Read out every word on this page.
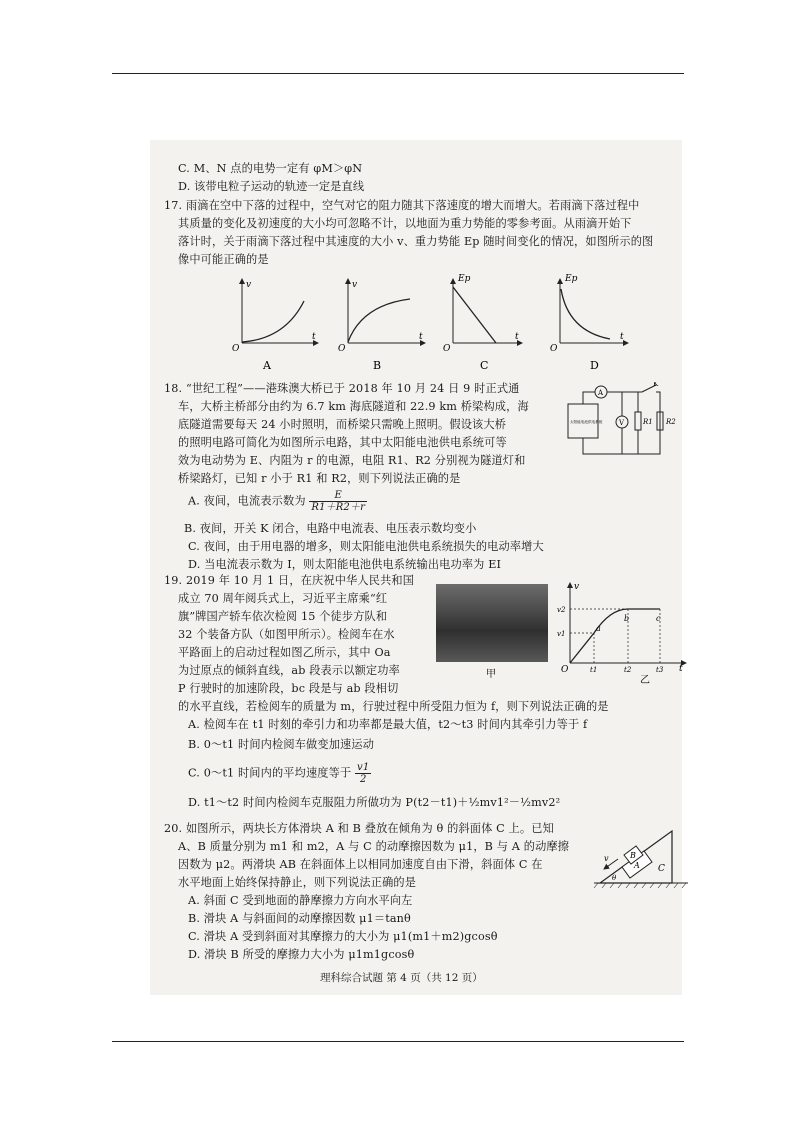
C. M、N 点的电势一定有 φM＞φN
D. 该带电粒子运动的轨迹一定是直线
17. 雨滴在空中下落的过程中，空气对它的阻力随其下落速度的增大而增大。若雨滴下落过程中
其质量的变化及初速度的大小均可忽略不计，以地面为重力势能的零参考面。从雨滴开始下
落计时，关于雨滴下落过程中其速度的大小 v、重力势能 Ep 随时间变化的情况，如图所示的图
像中可能正确的是
v
t
O
A
v
t
O
B
Ep
t
O
C
Ep
t
O
D
18. “世纪工程”——港珠澳大桥已于 2018 年 10 月 24 日 9 时正式通
车，大桥主桥部分由约为 6.7 km 海底隧道和 22.9 km 桥梁构成，海
底隧道需要每天 24 小时照明，而桥梁只需晚上照明。假设该大桥
的照明电路可简化为如图所示电路，其中太阳能电池供电系统可等
效为电动势为 E、内阻为 r 的电源，电阻 R1、R2 分别视为隧道灯和
桥梁路灯，已知 r 小于 R1 和 R2，则下列说法正确的是
A. 夜间，电流表示数为 $\frac{E}{R1+R2+r}$
B. 夜间，开关 K 闭合，电路中电流表、电压表示数均变小
C. 夜间，由于用电器的增多，则太阳能电池供电系统损失的电动率增大
D. 当电流表示数为 I，则太阳能电池供电系统输出电功率为 EI
太阳能电池供电系统
A
K
V	R1 R2
19. 2019 年 10 月 1 日，在庆祝中华人民共和国
成立 70 周年阅兵式上，习近平主席乘“红
旗”牌国产轿车依次检阅 15 个徒步方队和
32 个装备方队（如图甲所示）。检阅车在水
平路面上的启动过程如图乙所示，其中 Oa
为过原点的倾斜直线，ab 段表示以额定功率
P 行驶时的加速阶段，bc 段是与 ab 段相切
的水平直线，若检阅车的质量为 m，行驶过程中所受阻力恒为 f，则下列说法正确的是
A. 检阅车在 t1 时刻的牵引力和功率都是最大值，t2～t3 时间内其牵引力等于 f
B. 0～t1 时间内检阅车做变加速运动
C. 0～t1 时间内的平均速度等于 $\frac{v1}{2}$
D. t1～t2 时间内检阅车克服阻力所做功为 P(t2－t1)＋½mv1²－½mv2²
甲
v
t
O
v2
v1
a
b	c
t1	t2	t3
乙
20. 如图所示，两块长方体滑块 A 和 B 叠放在倾角为 θ 的斜面体 C 上。已知
A、B 质量分别为 m1 和 m2，A 与 C 的动摩擦因数为 μ1，B 与 A 的动摩擦
因数为 μ2。两滑块 AB 在斜面体上以相同加速度自由下滑，斜面体 C 在
水平地面上始终保持静止，则下列说法正确的是
A. 斜面 C 受到地面的静摩擦力方向水平向左
B. 滑块 A 与斜面间的动摩擦因数 μ1＝tanθ
C. 滑块 A 受到斜面对其摩擦力的大小为 μ1(m1＋m2)gcosθ
D. 滑块 B 所受的摩擦力大小为 μ1m1gcosθ
A
B
C
v
θ
理科综合试题 第 4 页（共 12 页）
